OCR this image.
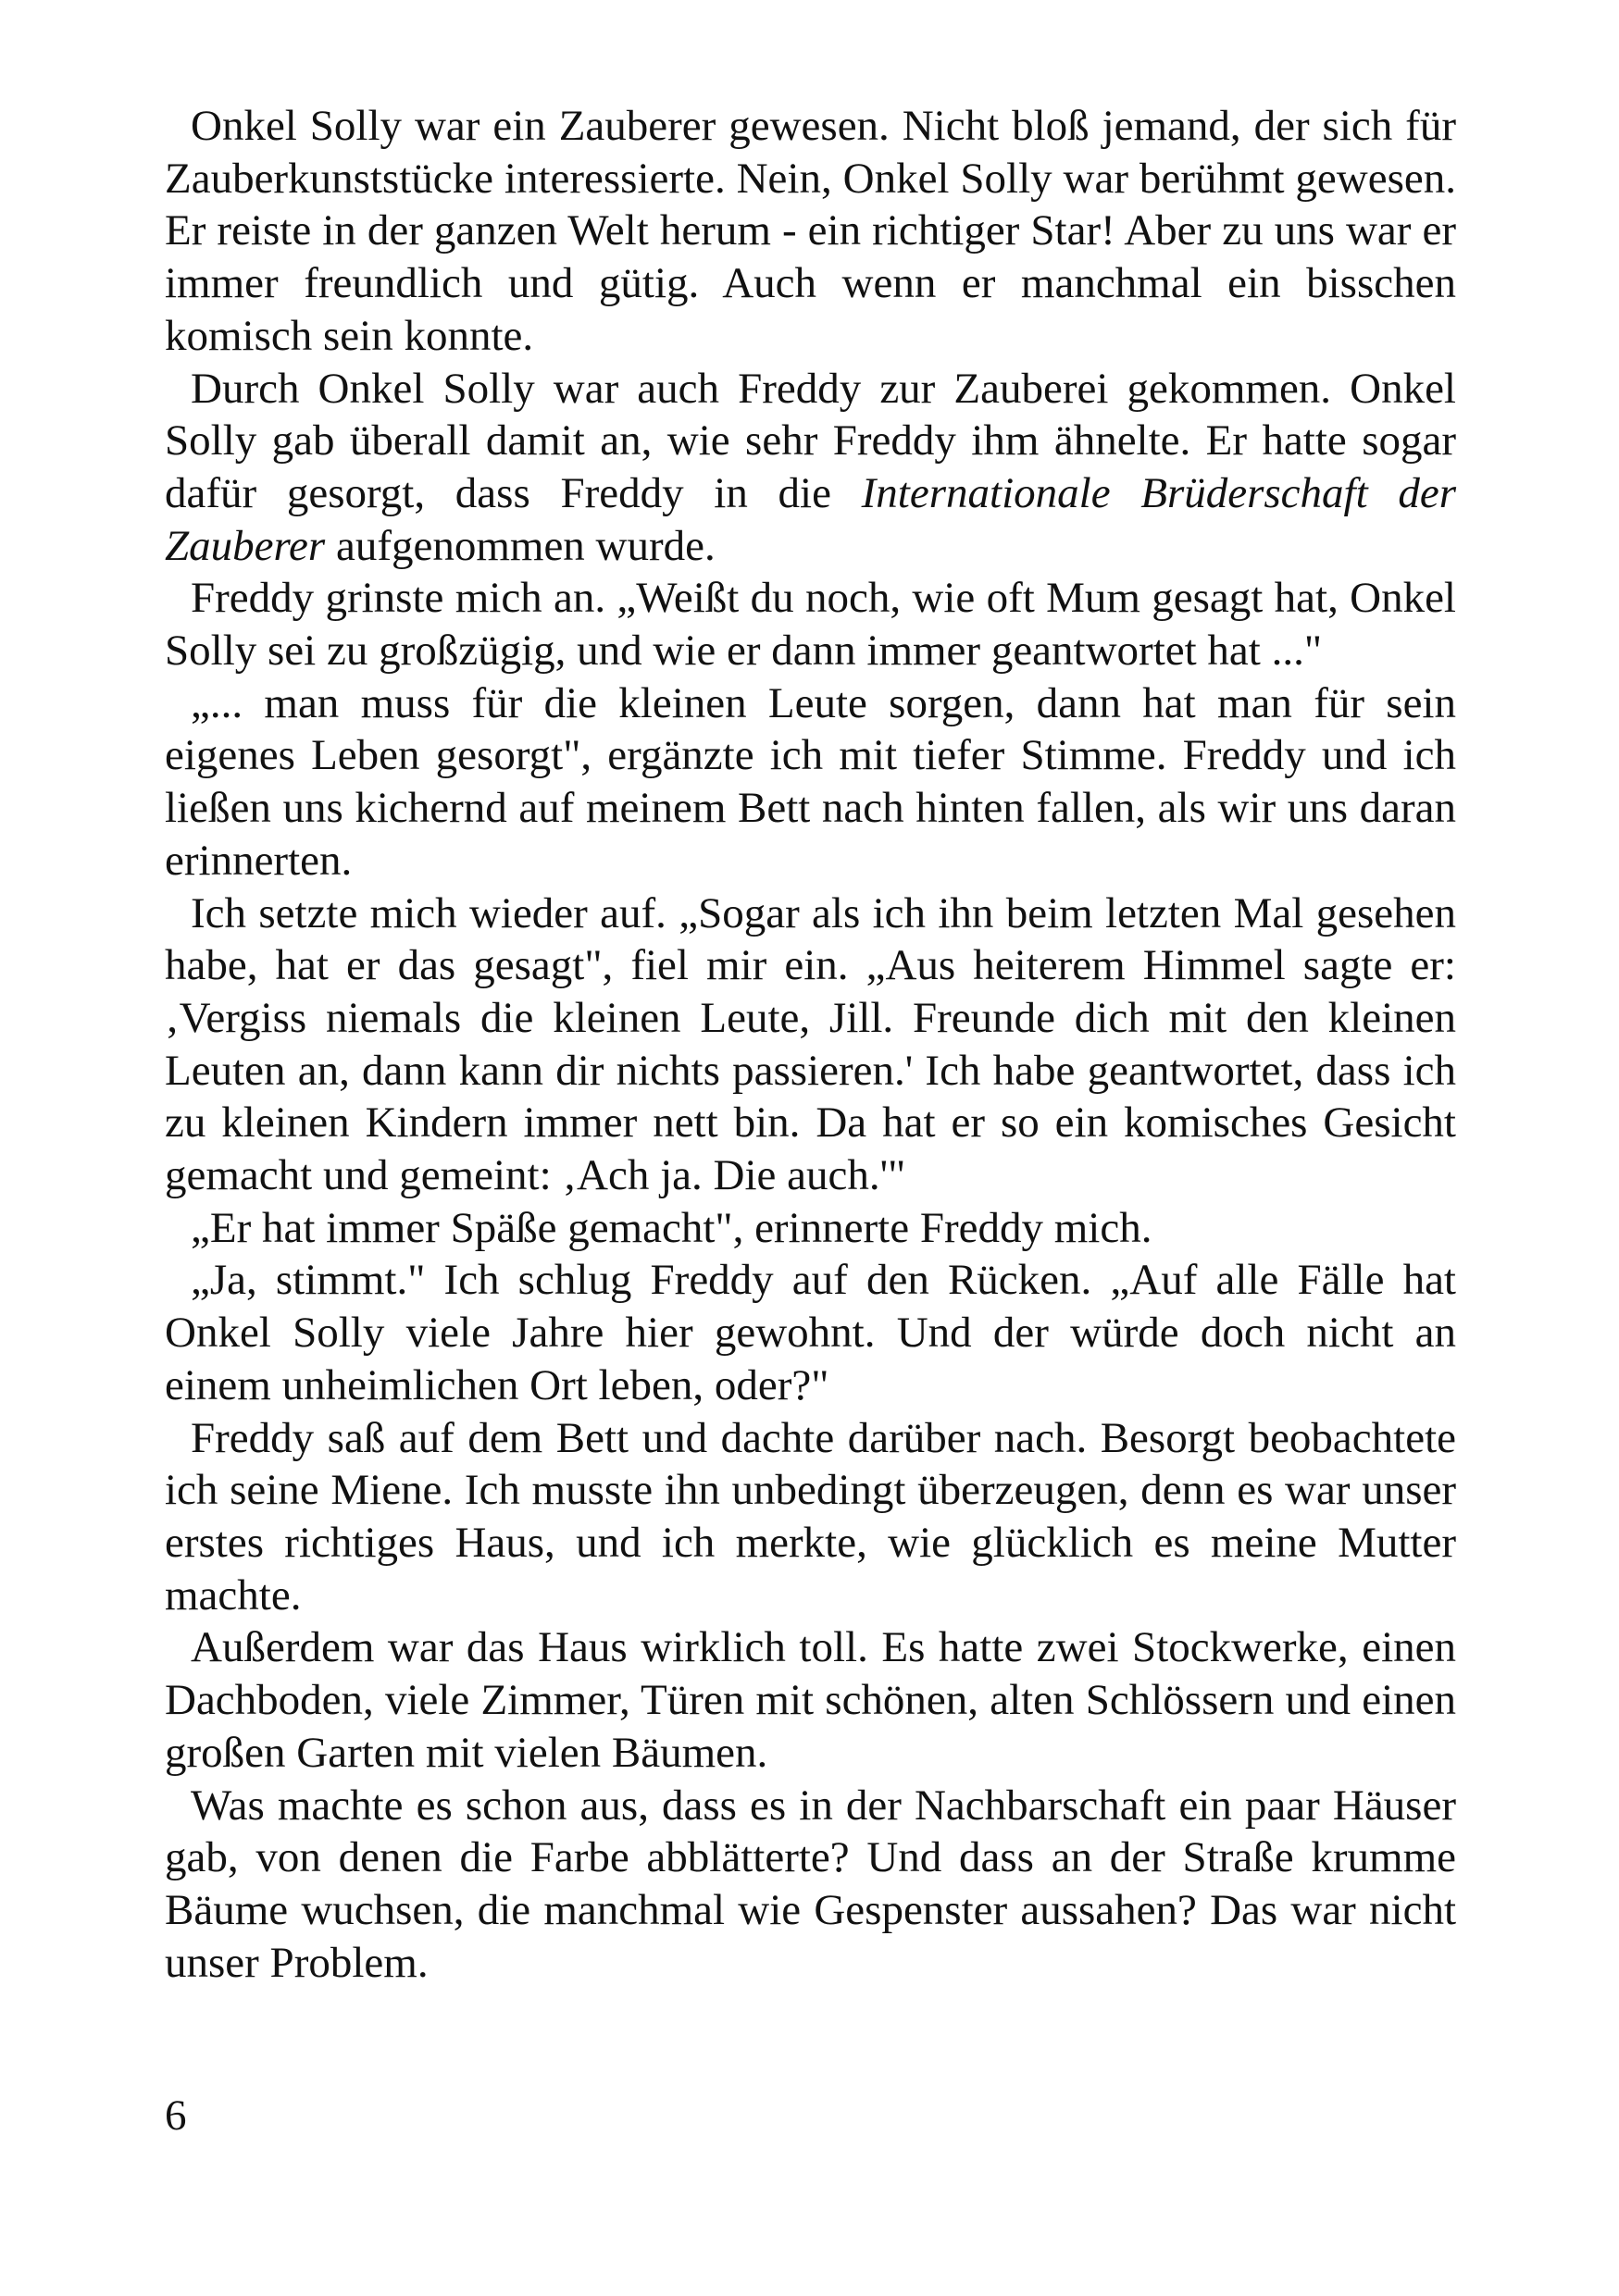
Onkel Solly war ein Zauberer gewesen. Nicht bloß jemand, der sich für Zauberkunststücke interessierte. Nein, Onkel Solly war berühmt gewesen. Er reiste in der ganzen Welt herum - ein richtiger Star! Aber zu uns war er immer freundlich und gütig. Auch wenn er manchmal ein bisschen komisch sein konnte.

Durch Onkel Solly war auch Freddy zur Zauberei gekommen. Onkel Solly gab überall damit an, wie sehr Freddy ihm ähnelte. Er hatte sogar dafür gesorgt, dass Freddy in die Internationale Brüderschaft der Zauberer aufgenommen wurde.

Freddy grinste mich an. „Weißt du noch, wie oft Mum gesagt hat, Onkel Solly sei zu großzügig, und wie er dann immer geantwortet hat ..."

„... man muss für die kleinen Leute sorgen, dann hat man für sein eigenes Leben gesorgt", ergänzte ich mit tiefer Stimme. Freddy und ich ließen uns kichernd auf meinem Bett nach hinten fallen, als wir uns daran erinnerten.

Ich setzte mich wieder auf. „Sogar als ich ihn beim letzten Mal gesehen habe, hat er das gesagt", fiel mir ein. „Aus heiterem Himmel sagte er: ‚Vergiss niemals die kleinen Leute, Jill. Freunde dich mit den kleinen Leuten an, dann kann dir nichts passieren.' Ich habe geantwortet, dass ich zu kleinen Kindern immer nett bin. Da hat er so ein komisches Gesicht gemacht und gemeint: ‚Ach ja. Die auch.'"

„Er hat immer Späße gemacht", erinnerte Freddy mich.

„Ja, stimmt." Ich schlug Freddy auf den Rücken. „Auf alle Fälle hat Onkel Solly viele Jahre hier gewohnt. Und der würde doch nicht an einem unheimlichen Ort leben, oder?"

Freddy saß auf dem Bett und dachte darüber nach. Besorgt beobachtete ich seine Miene. Ich musste ihn unbedingt überzeugen, denn es war unser erstes richtiges Haus, und ich merkte, wie glücklich es meine Mutter machte.

Außerdem war das Haus wirklich toll. Es hatte zwei Stockwerke, einen Dachboden, viele Zimmer, Türen mit schönen, alten Schlössern und einen großen Garten mit vielen Bäumen.

Was machte es schon aus, dass es in der Nachbarschaft ein paar Häuser gab, von denen die Farbe abblätterte? Und dass an der Straße krumme Bäume wuchsen, die manchmal wie Gespenster aussahen? Das war nicht unser Problem.

6
